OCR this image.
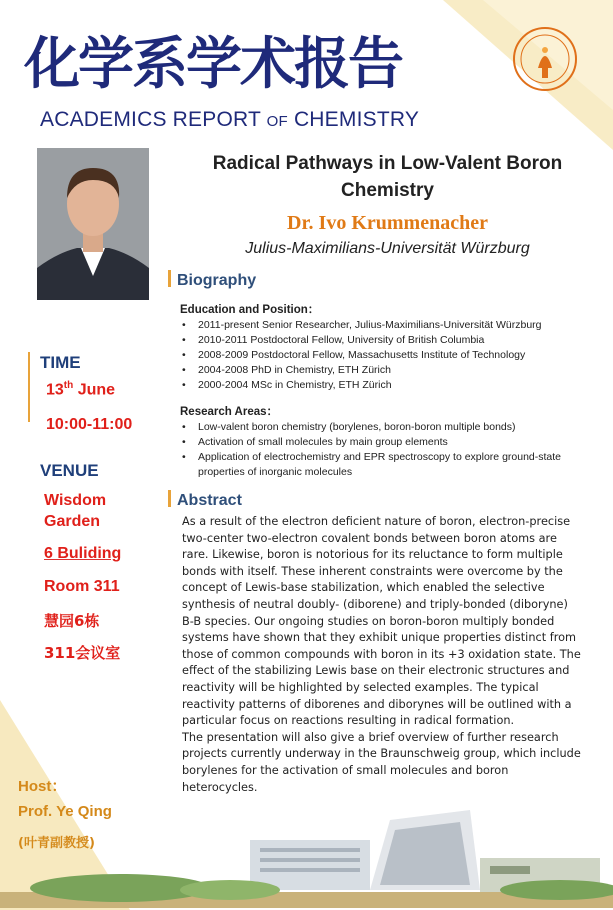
化学系学术报告
ACADEMICS REPORT OF CHEMISTRY
Radical Pathways in Low-Valent Boron Chemistry
Dr. Ivo Krummenacher
Julius-Maximilians-Universität Würzburg
Biography
Education and Position：
• 2011-present Senior Researcher, Julius-Maximilians-Universität Würzburg
• 2010-2011 Postdoctoral Fellow, University of British Columbia
• 2008-2009 Postdoctoral Fellow, Massachusetts Institute of Technology
• 2004-2008 PhD in Chemistry, ETH Zürich
• 2000-2004 MSc in Chemistry, ETH Zürich
Research Areas：
• Low-valent boron chemistry (borylenes, boron-boron multiple bonds)
• Activation of small molecules by main group elements
• Application of electrochemistry and EPR spectroscopy to explore ground-state properties of inorganic molecules
Abstract

As a result of the electron deficient nature of boron, electron-precise two-center two-electron covalent bonds between boron atoms are rare. Likewise, boron is notorious for its reluctance to form multiple bonds with itself. These inherent constraints were overcome by the concept of Lewis-base stabilization, which enabled the selective synthesis of neutral doubly- (diborene) and triply-bonded (diboryne) B-B species. Our ongoing studies on boron-boron multiply bonded systems have shown that they exhibit unique properties distinct from those of common compounds with boron in its +3 oxidation state. The effect of the stabilizing Lewis base on their electronic structures and reactivity will be highlighted by selected examples. The typical reactivity patterns of diborenes and diborynes will be outlined with a particular focus on reactions resulting in radical formation.

The presentation will also give a brief overview of further research projects currently underway in the Braunschweig group, which include borylenes for the activation of small molecules and boron heterocycles.

TIME
13th June
10:00-11:00
VENUE
Wisdom
Garden
6 Buliding
Room 311
慧园6栋
311会议室
Host：
Prof. Ye Qing
(叶青副教授)
